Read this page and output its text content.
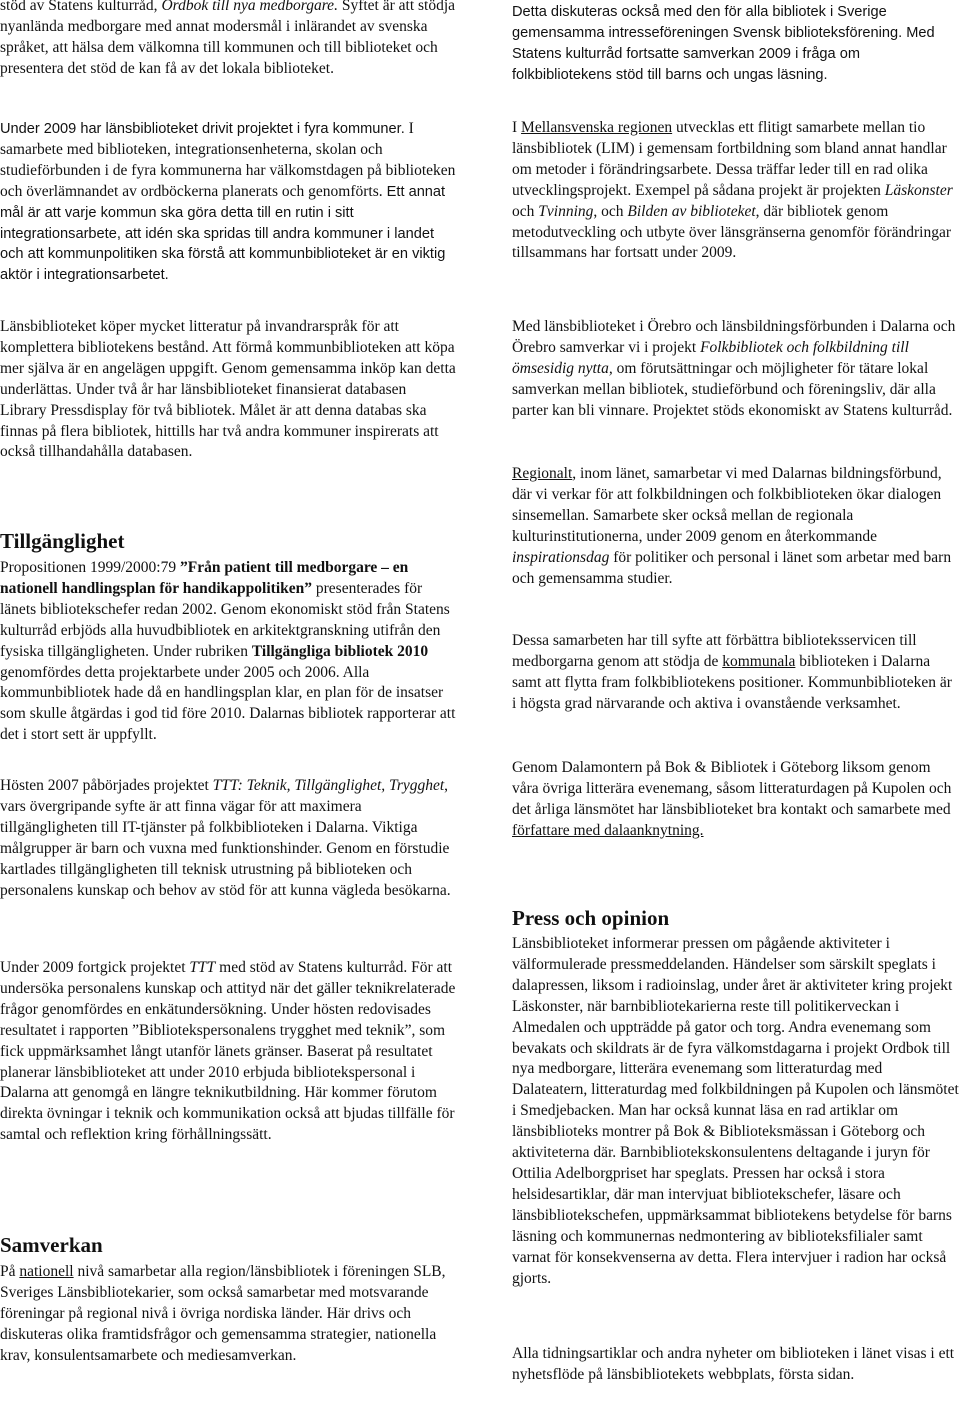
stöd av Statens kulturråd, Ordbok till nya medborgare. Syftet är att stödja nyanlända medborgare med annat modersmål i inlärandet av svenska språket, att hälsa dem välkomna till kommunen och till biblioteket och presentera det stöd de kan få av det lokala biblioteket.

Under 2009 har länsbiblioteket drivit projektet i fyra kommuner. I samarbete med biblioteken, integrationsenheterna, skolan och studieförbunden i de fyra kommunerna har välkomstdagen på biblioteken och överlämnandet av ordböckerna planerats och genomförts. Ett annat mål är att varje kommun ska göra detta till en rutin i sitt integrationsarbete, att idén ska spridas till andra kommuner i landet och att kommunpolitiken ska förstå att kommunbiblioteket är en viktig aktör i integrationsarbetet.

Länsbiblioteket köper mycket litteratur på invandrarspråk för att komplettera bibliotekens bestånd. Att förmå kommunbiblioteken att köpa mer själva är en angelägen uppgift. Genom gemensamma inköp kan detta underlättas. Under två år har länsbiblioteket finansierat databasen Library Pressdisplay för två bibliotek. Målet är att denna databas ska finnas på flera bibliotek, hittills har två andra kommuner inspirerats att också tillhandahålla databasen.

Tillgänglighet

Propositionen 1999/2000:79 ”Från patient till medborgare – en nationell handlingsplan för handikappolitiken” presenterades för länets bibliotekschefer redan 2002. Genom ekonomiskt stöd från Statens kulturråd erbjöds alla huvudbibliotek en arkitektgranskning utifrån den fysiska tillgängligheten. Under rubriken Tillgängliga bibliotek 2010 genomfördes detta projektarbete under 2005 och 2006. Alla kommunbibliotek hade då en handlingsplan klar, en plan för de insatser som skulle åtgärdas i god tid före 2010. Dalarnas bibliotek rapporterar att det i stort sett är uppfyllt.

Hösten 2007 påbörjades projektet TTT: Teknik, Tillgänglighet, Trygghet, vars övergripande syfte är att finna vägar för att maximera tillgängligheten till IT-tjänster på folkbiblioteken i Dalarna. Viktiga målgrupper är barn och vuxna med funktionshinder. Genom en förstudie kartlades tillgängligheten till teknisk utrustning på biblioteken och personalens kunskap och behov av stöd för att kunna vägleda besökarna.

Under 2009 fortgick projektet TTT med stöd av Statens kulturråd. För att undersöka personalens kunskap och attityd när det gäller teknikrelaterade frågor genomfördes en enkätundersökning. Under hösten redovisades resultatet i rapporten ”Bibliotekspersonalens trygghet med teknik”, som fick uppmärksamhet långt utanför länets gränser. Baserat på resultatet planerar länsbiblioteket att under 2010 erbjuda bibliotekspersonal i Dalarna att genomgå en längre teknikutbildning. Här kommer förutom direkta övningar i teknik och kommunikation också att bjudas tillfälle för samtal och reflektion kring förhållningssätt.

Samverkan

På nationell nivå samarbetar alla region/länsbibliotek i föreningen SLB, Sveriges Länsbibliotekarier, som också samarbetar med motsvarande föreningar på regional nivå i övriga nordiska länder. Här drivs och diskuteras olika framtidsfrågor och gemensamma strategier, nationella krav, konsulentsamarbete och mediesamverkan.

Detta diskuteras också med den för alla bibliotek i Sverige gemensamma intresseföreningen Svensk biblioteksförening. Med Statens kulturråd fortsatte samverkan 2009 i fråga om folkbibliotekens stöd till barns och ungas läsning.

I Mellansvenska regionen utvecklas ett flitigt samarbete mellan tio länsbibliotek (LIM) i gemensam fortbildning som bland annat handlar om metoder i förändringsarbete. Dessa träffar leder till en rad olika utvecklingsprojekt. Exempel på sådana projekt är projekten Läskonster och Tvinning, och Bilden av biblioteket, där bibliotek genom metodutveckling och utbyte över länsgränserna genomför förändringar tillsammans har fortsatt under 2009.

Med länsbiblioteket i Örebro och länsbildningsförbunden i Dalarna och Örebro samverkar vi i projekt Folkbibliotek och folkbildning till ömsesidig nytta, om förutsättningar och möjligheter för tätare lokal samverkan mellan bibliotek, studieförbund och föreningsliv, där alla parter kan bli vinnare. Projektet stöds ekonomiskt av Statens kulturråd.

Regionalt, inom länet, samarbetar vi med Dalarnas bildningsförbund, där vi verkar för att folkbildningen och folkbiblioteken ökar dialogen sinsemellan. Samarbete sker också mellan de regionala kulturinstitutionerna, under 2009 genom en återkommande inspirationsdag för politiker och personal i länet som arbetar med barn och gemensamma studier.

Dessa samarbeten har till syfte att förbättra biblioteksservicen till medborgarna genom att stödja de kommunala biblioteken i Dalarna samt att flytta fram folkbibliotekens positioner. Kommunbiblioteken är i högsta grad närvarande och aktiva i ovanstående verksamhet.

Genom Dalamontern på Bok & Bibliotek i Göteborg liksom genom våra övriga litterära evenemang, såsom litteraturdagen på Kupolen och det årliga länsmötet har länsbiblioteket bra kontakt och samarbete med författare med dalaanknytning.

Press och opinion

Länsbiblioteket informerar pressen om pågående aktiviteter i välformulerade pressmeddelanden. Händelser som särskilt speglats i dalapressen, liksom i radioinslag, under året är aktiviteter kring projekt Läskonster, när barnbibliotekarierna reste till politikerveckan i Almedalen och uppträdde på gator och torg. Andra evenemang som bevakats och skildrats är de fyra välkomstdagarna i projekt Ordbok till nya medborgare, litterära evenemang som litteraturdag med Dalateatern, litteraturdag med folkbildningen på Kupolen och länsmötet i Smedjebacken. Man har också kunnat läsa en rad artiklar om länsbiblioteks montrer på Bok & Biblioteksmässan i Göteborg och aktiviteterna där. Barnbibliotekskonsulentens deltagande i juryn för Ottilia Adelborgpriset har speglats. Pressen har också i stora helsidesartiklar, där man intervjuat bibliotekschefer, läsare och länsbibliotekschefen, uppmärksammat bibliotekens betydelse för barns läsning och kommunernas nedmontering av biblioteksfilialer samt varnat för konsekvenserna av detta. Flera intervjuer i radion har också gjorts.

Alla tidningsartiklar och andra nyheter om biblioteken i länet visas i ett nyhetsflöde på länsbibliotekets webbplats, första sidan.
